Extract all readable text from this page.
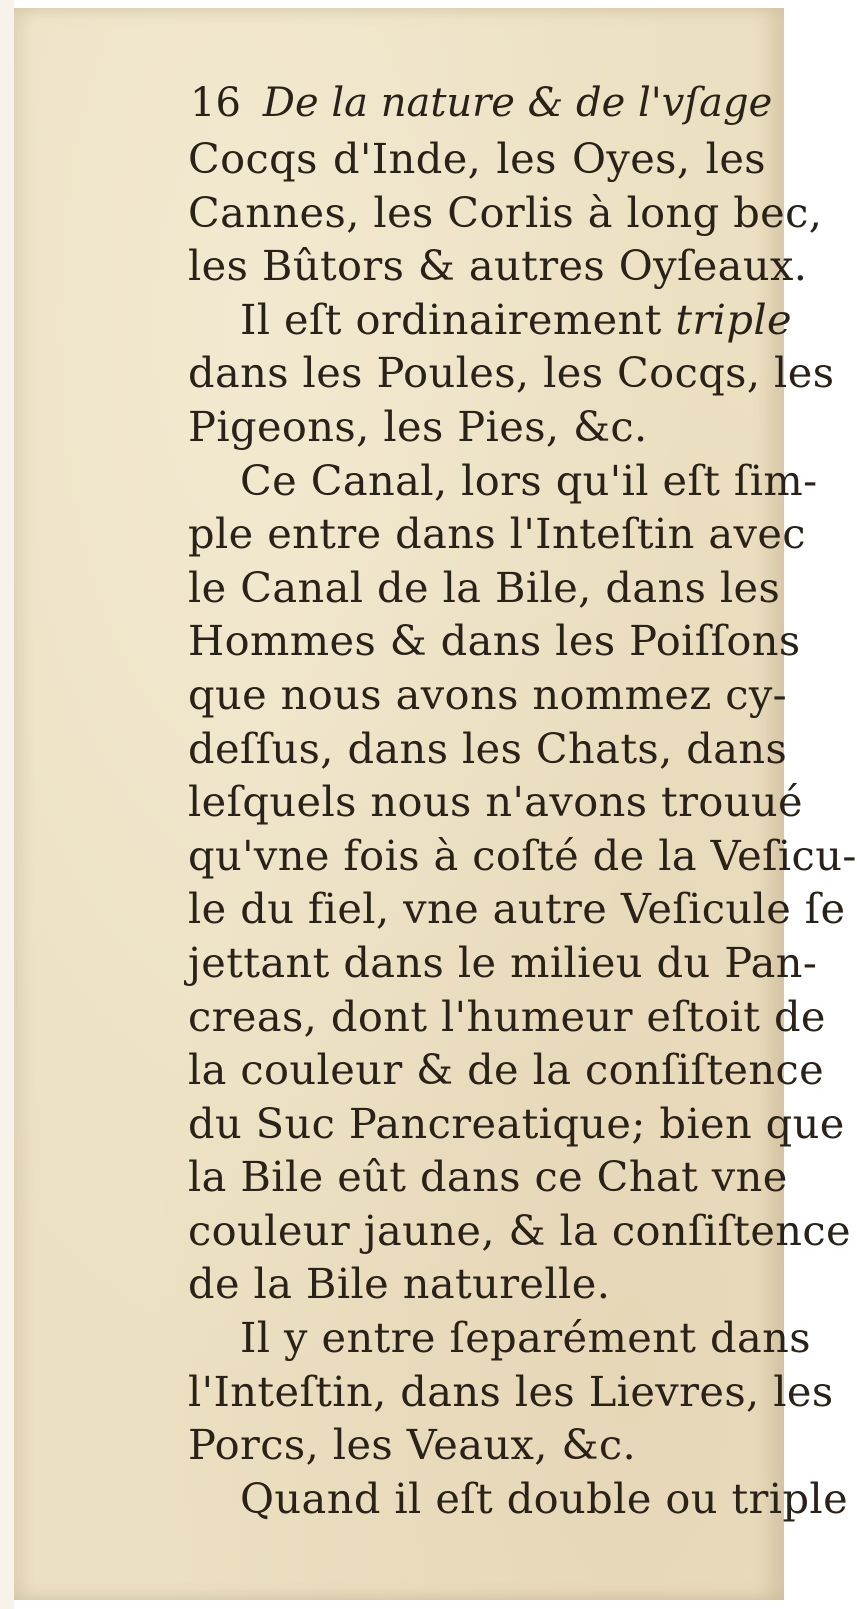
16 De la nature & de l'vſage
Cocqs d'Inde, les Oyes, les
Cannes, les Corlis à long bec,
les Bûtors & autres Oyſeaux.
Il eſt ordinairement triple
dans les Poules, les Cocqs, les
Pigeons, les Pies, &c.
Ce Canal, lors qu'il eſt ſim-
ple entre dans l'Inteſtin avec
le Canal de la Bile, dans les
Hommes & dans les Poiſſons
que nous avons nommez cy-
deſſus, dans les Chats, dans
leſquels nous n'avons trouué
qu'vne fois à coſté de la Veſicu-
le du fiel, vne autre Veſicule ſe
jettant dans le milieu du Pan-
creas, dont l'humeur eſtoit de
la couleur & de la conſiſtence
du Suc Pancreatique; bien que
la Bile eût dans ce Chat vne
couleur jaune, & la conſiſtence
de la Bile naturelle.
Il y entre ſeparément dans
l'Inteſtin, dans les Lievres, les
Porcs, les Veaux, &c.
Quand il eſt double ou triple
